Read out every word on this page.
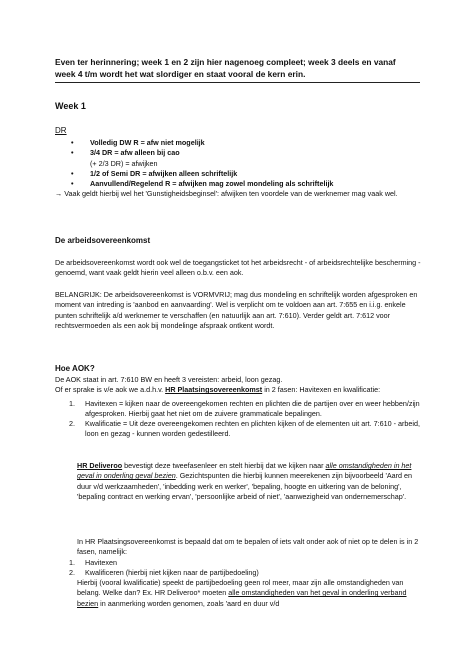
Even ter herinnering; week 1 en 2 zijn hier nagenoeg compleet; week 3 deels en vanaf week 4 t/m wordt het wat slordiger en staat vooral de kern erin.
Week 1
DR
• Volledig DW R = afw niet mogelijk
• 3/4 DR = afw alleen bij cao
(+ 2/3 DR) = afwijken
• 1/2 of Semi DR = afwijken alleen schriftelijk
• Aanvullend/Regelend R = afwijken mag zowel mondeling als schriftelijk

→ Vaak geldt hierbij wel het 'Gunstigheidsbeginsel': afwijken ten voordele van de werknemer mag vaak wel.

De arbeidsovereenkomst
De arbeidsovereenkomst wordt ook wel de toegangsticket tot het arbeidsrecht - of arbeidsrechtelijke bescherming - genoemd, want vaak geldt hierin veel alleen o.b.v. een aok.
BELANGRIJK: De arbeidsovereenkomst is VORMVRIJ; mag dus mondeling en schriftelijk worden afgesproken en moment van intreding is 'aanbod en aanvaarding'. Wel is verplicht om te voldoen aan art. 7:655 en i.i.g. enkele punten schriftelijk a/d werknemer te verschaffen (en natuurlijk aan art. 7:610). Verder geldt art. 7:612 voor rechtsvermoeden als een aok bij mondelinge afspraak ontkent wordt.
Hoe AOK?

De AOK staat in art. 7:610 BW en heeft 3 vereisten: arbeid, loon gezag.

Of er sprake is v/e aok we a.d.h.v. HR Plaatsingsovereenkomst in 2 fasen: Havitexen en kwalificatie:

1. Havitexen = kijken naar de overeengekomen rechten en plichten die de partijen over en weer hebben/zijn afgesproken. Hierbij gaat het niet om de zuivere grammaticale bepalingen.
2. Kwalificatie = Uit deze overeengekomen rechten en plichten kijken of de elementen uit art. 7:610 - arbeid, loon en gezag - kunnen worden gedestilleerd.
HR Deliveroo bevestigt deze tweefasenleer en stelt hierbij dat we kijken naar alle omstandigheden in het geval in onderling geval bezien. Gezichtspunten die hierbij kunnen meerekenen zijn bijvoorbeeld 'Aard en duur v/d werkzaamheden', 'inbedding werk en werker', 'bepaling, hoogte en uitkering van de beloning', 'bepaling contract en werking ervan', 'persoonlijke arbeid of niet', 'aanwezigheid van ondernemerschap'.

In HR Plaatsingsovereenkomst is bepaald dat om te bepalen of iets valt onder aok of niet op te delen is in 2 fasen, namelijk:

1. Havitexen
2. Kwalificeren (hierbij niet kijken naar de partijbedoeling)

Hierbij (vooral kwalificatie) speekt de partijbedoeling geen rol meer, maar zijn alle omstandigheden van belang. Welke dan? Ex. HR Deliveroo* moeten alle omstandigheden van het geval in onderling verband bezien in aanmerking worden genomen, zoals 'aard en duur v/d
